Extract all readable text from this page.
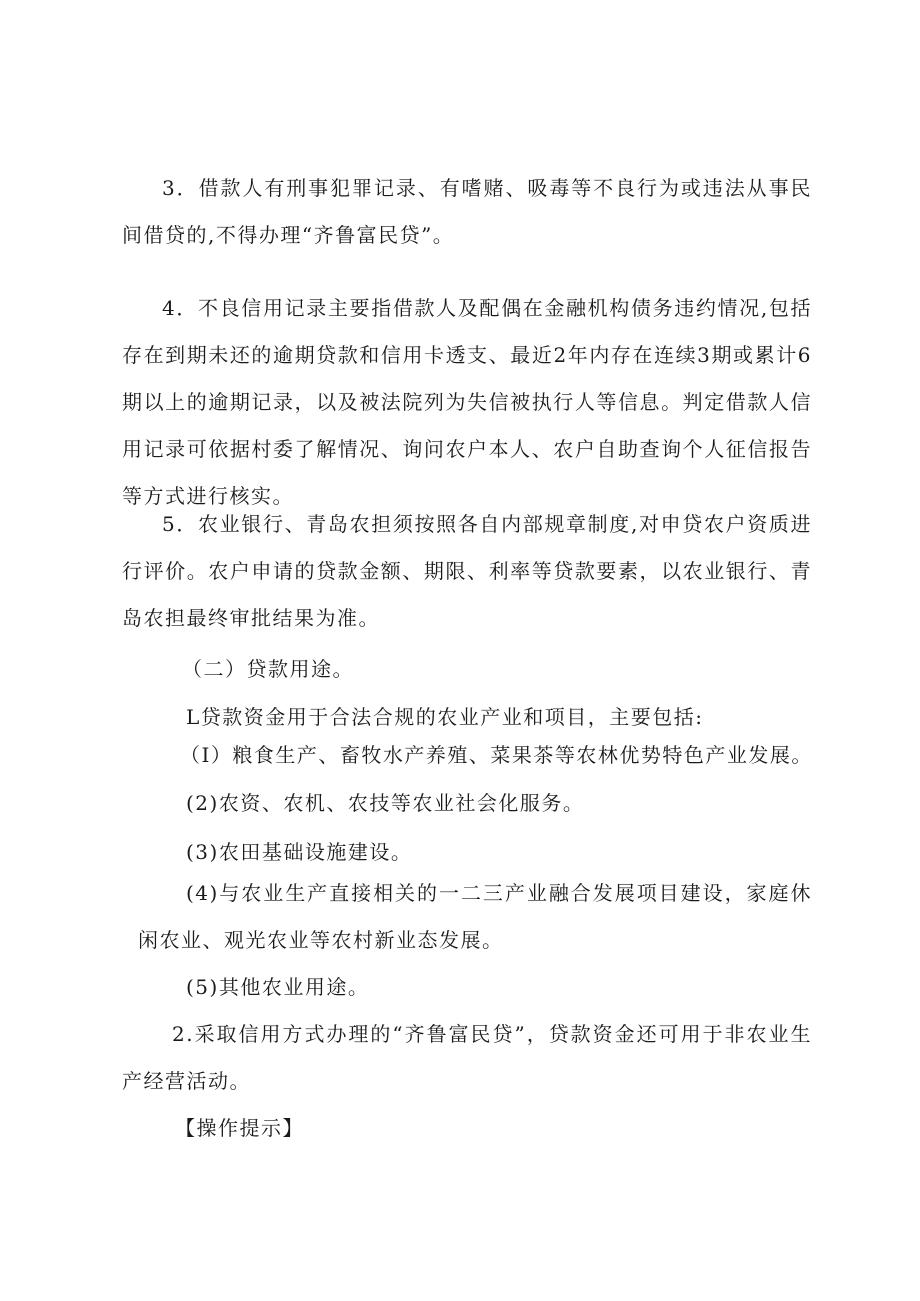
3．借款人有刑事犯罪记录、有嗜赌、吸毒等不良行为或违法从事民间借贷的,不得办理“齐鲁富民贷”。

4．不良信用记录主要指借款人及配偶在金融机构债务违约情况,包括存在到期未还的逾期贷款和信用卡透支、最近2年内存在连续3期或累计6期以上的逾期记录，以及被法院列为失信被执行人等信息。判定借款人信用记录可依据村委了解情况、询问农户本人、农户自助查询个人征信报告等方式进行核实。

5．农业银行、青岛农担须按照各自内部规章制度,对申贷农户资质进行评价。农户申请的贷款金额、期限、利率等贷款要素，以农业银行、青岛农担最终审批结果为准。

（二）贷款用途。

L贷款资金用于合法合规的农业产业和项目，主要包括:

（I）粮食生产、畜牧水产养殖、菜果茶等农林优势特色产业发展。

(2)农资、农机、农技等农业社会化服务。

(3)农田基础设施建设。

(4)与农业生产直接相关的一二三产业融合发展项目建设，家庭休闲农业、观光农业等农村新业态发展。

(5)其他农业用途。

2.采取信用方式办理的“齐鲁富民贷”，贷款资金还可用于非农业生产经营活动。

【操作提示】
